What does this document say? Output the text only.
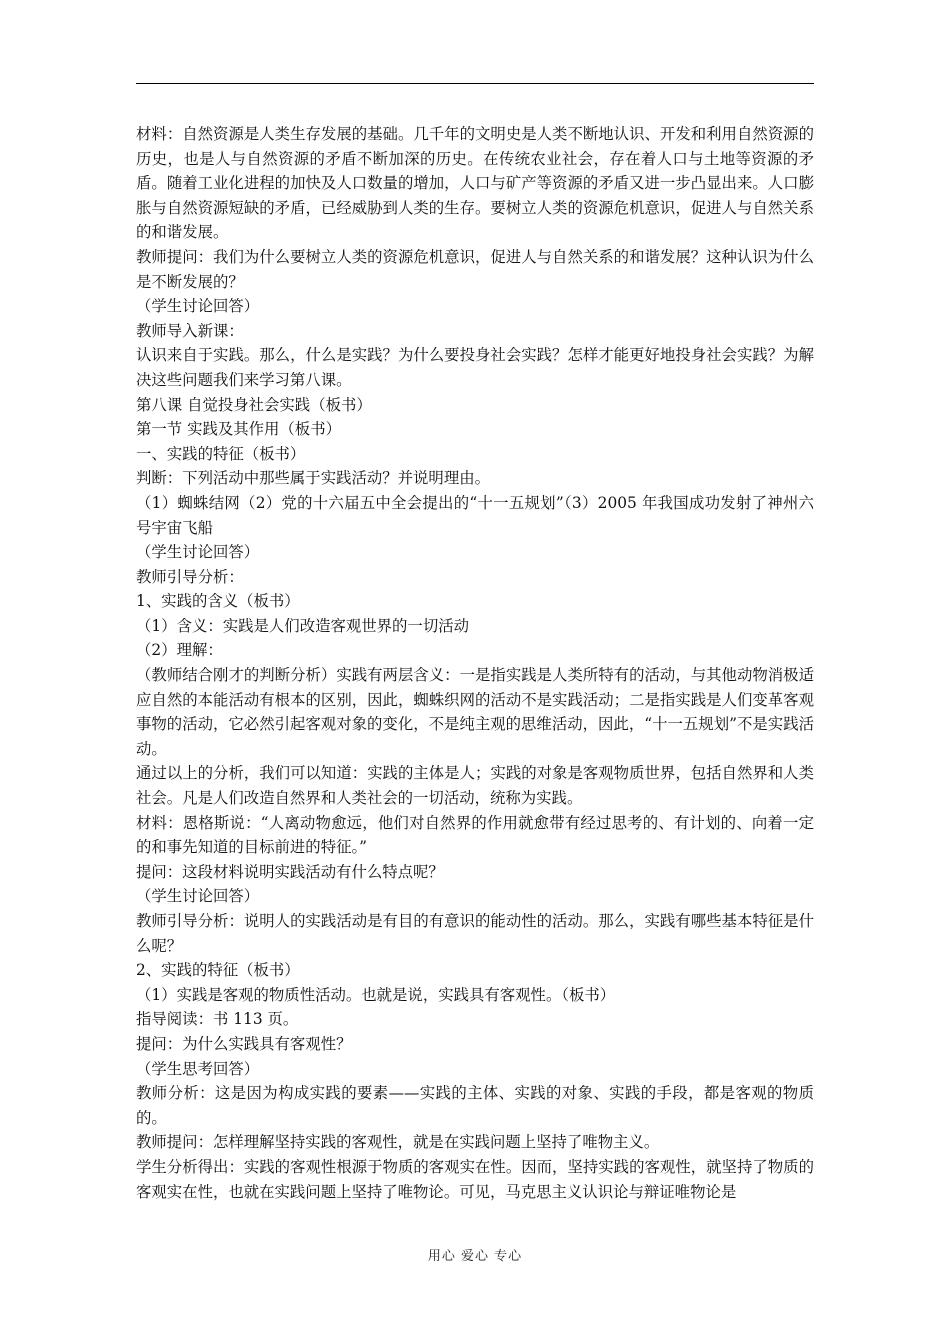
材料：自然资源是人类生存发展的基础。几千年的文明史是人类不断地认识、开发和利用自然资源的历史，也是人与自然资源的矛盾不断加深的历史。在传统农业社会，存在着人口与土地等资源的矛盾。随着工业化进程的加快及人口数量的增加，人口与矿产等资源的矛盾又进一步凸显出来。人口膨胀与自然资源短缺的矛盾，已经威胁到人类的生存。要树立人类的资源危机意识，促进人与自然关系的和谐发展。

教师提问：我们为什么要树立人类的资源危机意识，促进人与自然关系的和谐发展？这种认识为什么是不断发展的？

（学生讨论回答）

教师导入新课：

认识来自于实践。那么，什么是实践？为什么要投身社会实践？怎样才能更好地投身社会实践？为解决这些问题我们来学习第八课。

第八课 自觉投身社会实践（板书）

第一节 实践及其作用（板书）

一、实践的特征（板书）

判断：下列活动中那些属于实践活动？并说明理由。

（1）蜘蛛结网（2）党的十六届五中全会提出的“十一五规划”（3）2005 年我国成功发射了神州六号宇宙飞船

（学生讨论回答）

教师引导分析：

1、实践的含义（板书）

（1）含义：实践是人们改造客观世界的一切活动

（2）理解：

（教师结合刚才的判断分析）实践有两层含义：一是指实践是人类所特有的活动，与其他动物消极适应自然的本能活动有根本的区别，因此，蜘蛛织网的活动不是实践活动；二是指实践是人们变革客观事物的活动，它必然引起客观对象的变化，不是纯主观的思维活动，因此，“十一五规划”不是实践活动。

通过以上的分析，我们可以知道：实践的主体是人；实践的对象是客观物质世界，包括自然界和人类社会。凡是人们改造自然界和人类社会的一切活动，统称为实践。

材料：恩格斯说：“人离动物愈远，他们对自然界的作用就愈带有经过思考的、有计划的、向着一定的和事先知道的目标前进的特征。”

提问：这段材料说明实践活动有什么特点呢？

（学生讨论回答）

教师引导分析：说明人的实践活动是有目的有意识的能动性的活动。那么，实践有哪些基本特征是什么呢？

2、实践的特征（板书）

（1）实践是客观的物质性活动。也就是说，实践具有客观性。（板书）

指导阅读：书 113 页。

提问：为什么实践具有客观性？

（学生思考回答）

教师分析：这是因为构成实践的要素——实践的主体、实践的对象、实践的手段，都是客观的物质的。

教师提问：怎样理解坚持实践的客观性，就是在实践问题上坚持了唯物主义。

学生分析得出：实践的客观性根源于物质的客观实在性。因而，坚持实践的客观性，就坚持了物质的客观实在性，也就在实践问题上坚持了唯物论。可见，马克思主义认识论与辩证唯物论是

用心 爱心 专心
